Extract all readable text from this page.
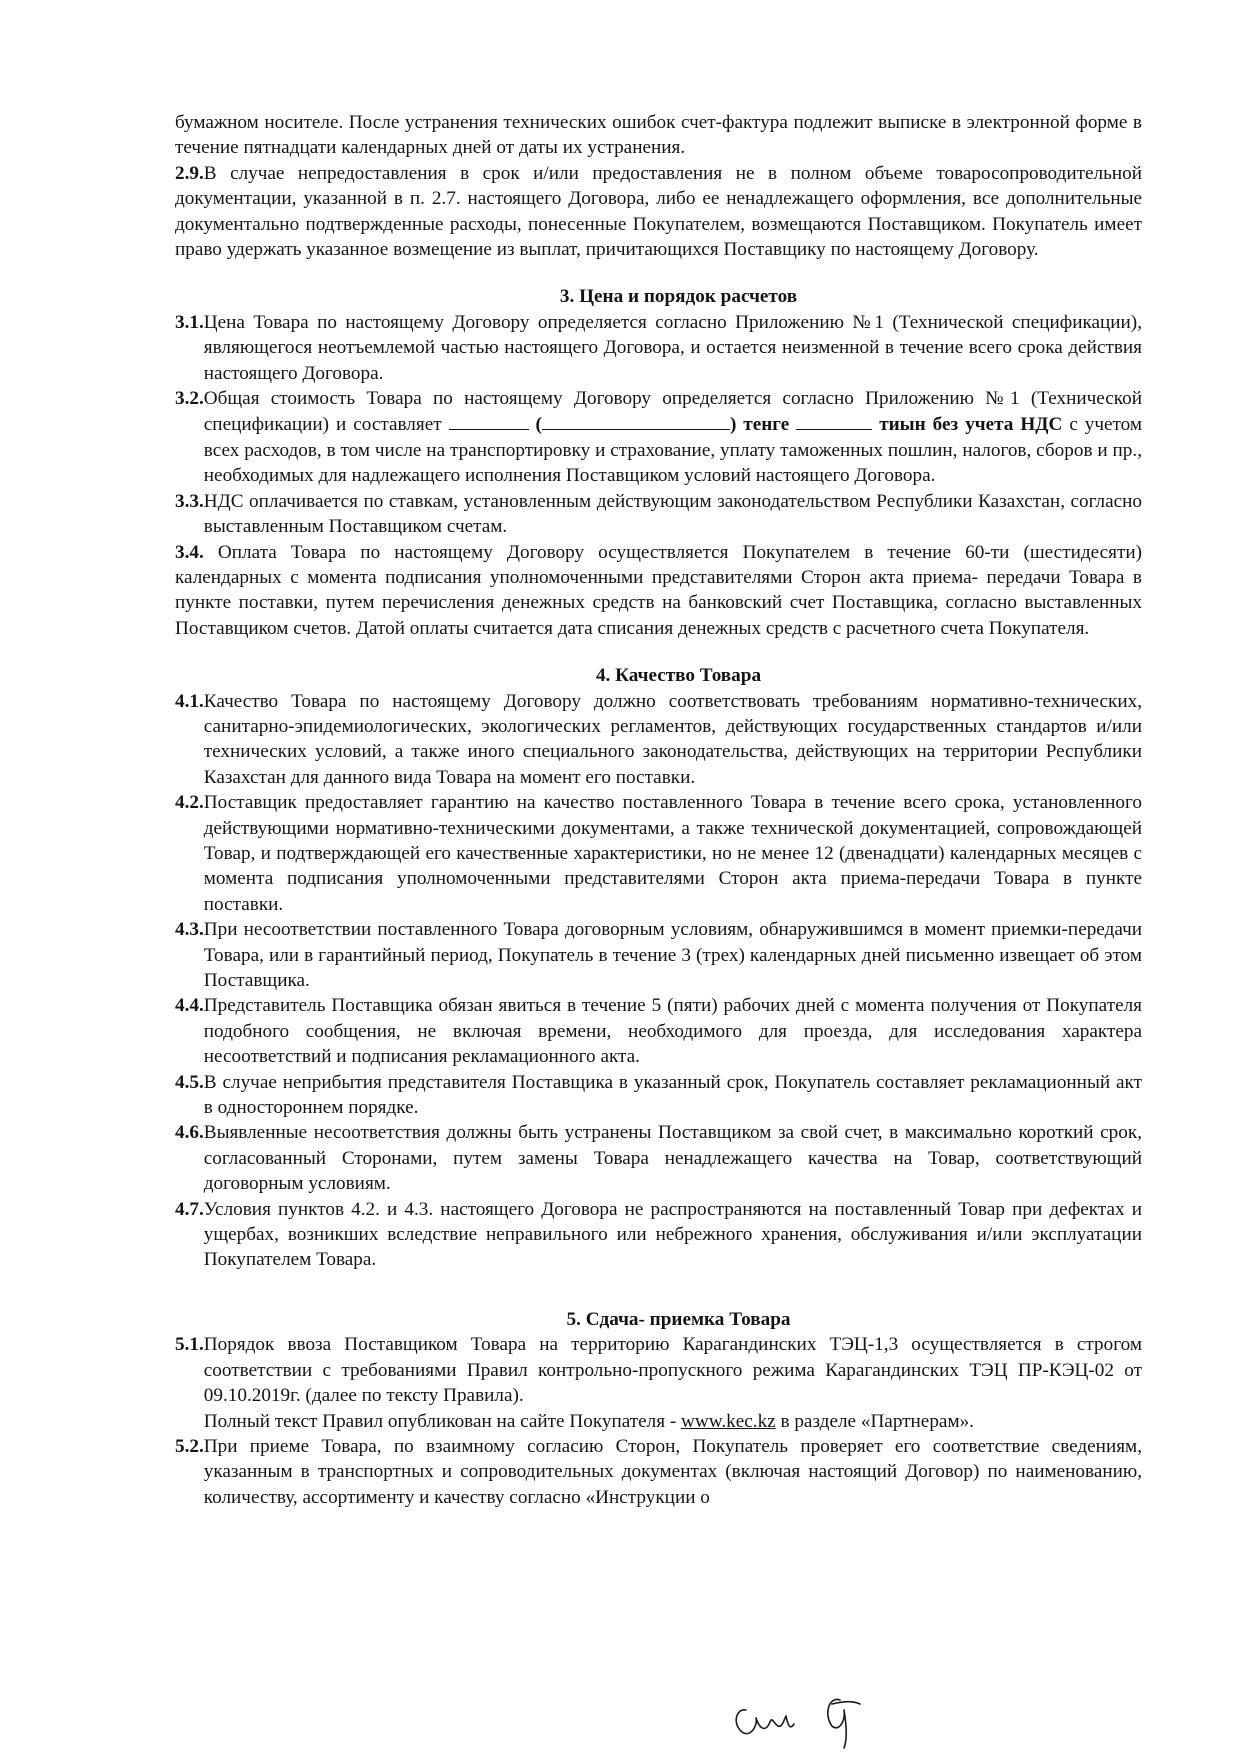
бумажном носителе. После устранения технических ошибок счет-фактура подлежит выписке в электронной форме в течение пятнадцати календарных дней от даты их устранения.

2.9.В случае непредоставления в срок и/или предоставления не в полном объеме товаросопроводительной документации, указанной в п. 2.7. настоящего Договора, либо ее ненадлежащего оформления, все дополнительные документально подтвержденные расходы, понесенные Покупателем, возмещаются Поставщиком. Покупатель имеет право удержать указанное возмещение из выплат, причитающихся Поставщику по настоящему Договору.

3. Цена и порядок расчетов
3.1. Цена Товара по настоящему Договору определяется согласно Приложению №1 (Технической спецификации), являющегося неотъемлемой частью настоящего Договора, и остается неизменной в течение всего срока действия настоящего Договора.
3.2. Общая стоимость Товара по настоящему Договору определяется согласно Приложению №1 (Технической спецификации) и составляет	(	) тенге	тиын без учета НДС с учетом всех расходов, в том числе на транспортировку и страхование, уплату таможенных пошлин, налогов, сборов и пр., необходимых для надлежащего исполнения Поставщиком условий настоящего Договора.
3.3. НДС оплачивается по ставкам, установленным действующим законодательством Республики Казахстан, согласно выставленным Поставщиком счетам.

3.4. Оплата Товара по настоящему Договору осуществляется Покупателем в течение 60-ти (шестидесяти) календарных с момента подписания уполномоченными представителями Сторон акта приема- передачи Товара в пункте поставки, путем перечисления денежных средств на банковский счет Поставщика, согласно выставленных Поставщиком счетов. Датой оплаты считается дата списания денежных средств с расчетного счета Покупателя.

4. Качество Товара
4.1. Качество Товара по настоящему Договору должно соответствовать требованиям нормативно-технических, санитарно-эпидемиологических, экологических регламентов, действующих государственных стандартов и/или технических условий, а также иного специального законодательства, действующих на территории Республики Казахстан для данного вида Товара на момент его поставки.
4.2. Поставщик предоставляет гарантию на качество поставленного Товара в течение всего срока, установленного действующими нормативно-техническими документами, а также технической документацией, сопровождающей Товар, и подтверждающей его качественные характеристики, но не менее 12 (двенадцати) календарных месяцев с момента подписания уполномоченными представителями Сторон акта приема-передачи Товара в пункте поставки.
4.3. При несоответствии поставленного Товара договорным условиям, обнаружившимся в момент приемки-передачи Товара, или в гарантийный период, Покупатель в течение 3 (трех) календарных дней письменно извещает об этом Поставщика.
4.4. Представитель Поставщика обязан явиться в течение 5 (пяти) рабочих дней с момента получения от Покупателя подобного сообщения, не включая времени, необходимого для проезда, для исследования характера несоответствий и подписания рекламационного акта.
4.5. В случае неприбытия представителя Поставщика в указанный срок, Покупатель составляет рекламационный акт в одностороннем порядке.
4.6. Выявленные несоответствия должны быть устранены Поставщиком за свой счет, в максимально короткий срок, согласованный Сторонами, путем замены Товара ненадлежащего качества на Товар, соответствующий договорным условиям.
4.7. Условия пунктов 4.2. и 4.3. настоящего Договора не распространяются на поставленный Товар при дефектах и ущербах, возникших вследствие неправильного или небрежного хранения, обслуживания и/или эксплуатации Покупателем Товара.
5. Сдача- приемка Товара
5.1. Порядок ввоза Поставщиком Товара на территорию Карагандинских ТЭЦ-1,3 осуществляется в строгом соответствии с требованиями Правил контрольно-пропускного режима Карагандинских ТЭЦ ПР-КЭЦ-02 от 09.10.2019г. (далее по тексту Правила).
Полный текст Правил опубликован на сайте Покупателя - www.kec.kz в разделе «Партнерам».
5.2. При приеме Товара, по взаимному согласию Сторон, Покупатель проверяет его соответствие сведениям, указанным в транспортных и сопроводительных документах (включая настоящий Договор) по наименованию, количеству, ассортименту и качеству согласно «Инструкции о
